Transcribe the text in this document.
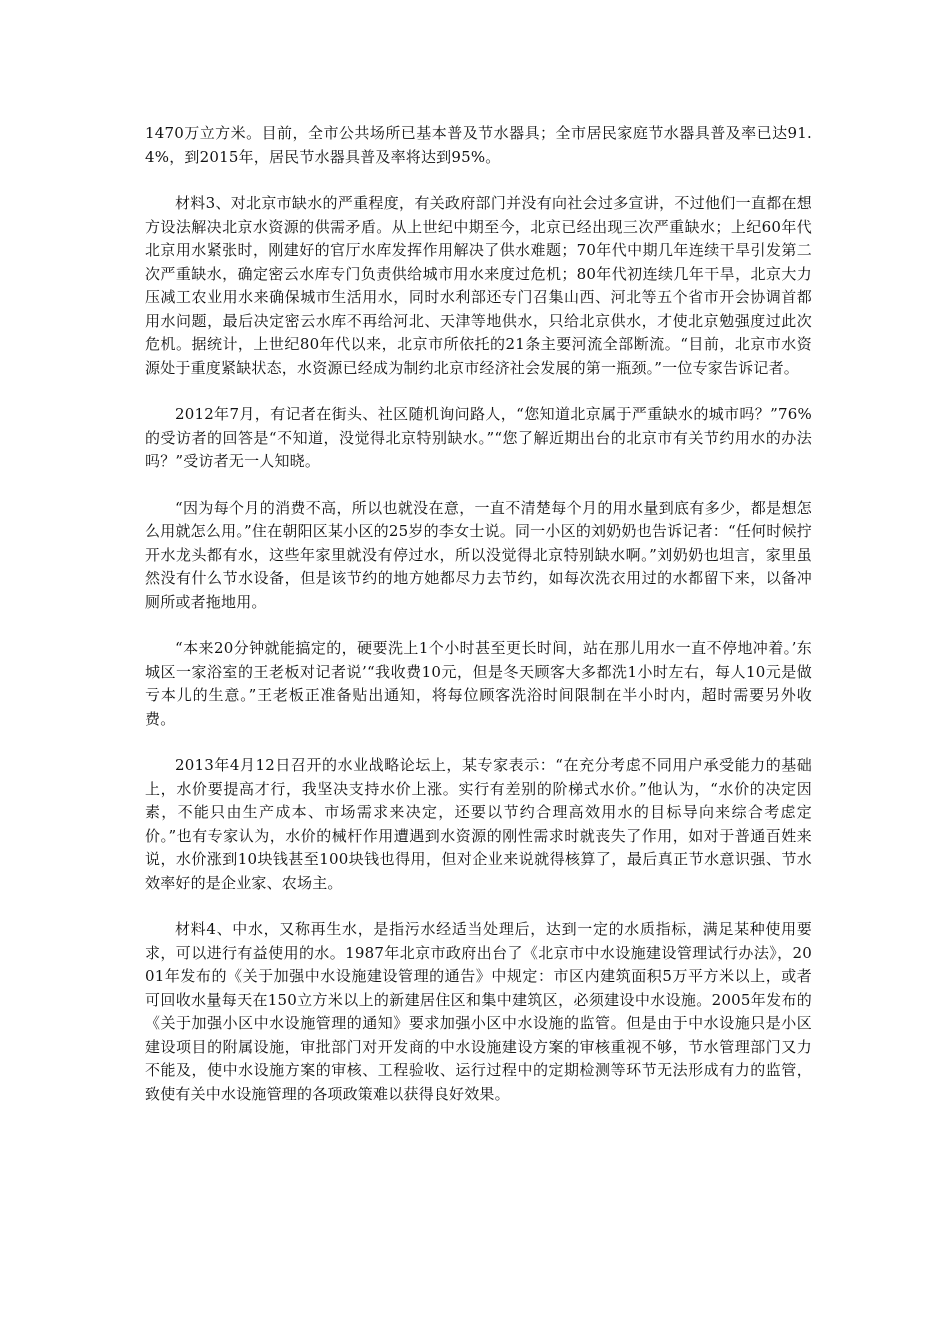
1470万立方米。目前，全市公共场所已基本普及节水器具；全市居民家庭节水器具普及率已达91.4%，到2015年，居民节水器具普及率将达到95%。

材料3、对北京市缺水的严重程度，有关政府部门并没有向社会过多宣讲，不过他们一直都在想方设法解决北京水资源的供需矛盾。从上世纪中期至今，北京已经出现三次严重缺水；上纪60年代北京用水紧张时，刚建好的官厅水库发挥作用解决了供水难题；70年代中期几年连续干旱引发第二次严重缺水，确定密云水库专门负责供给城市用水来度过危机；80年代初连续几年干旱，北京大力压减工农业用水来确保城市生活用水，同时水利部还专门召集山西、河北等五个省市开会协调首都用水问题，最后决定密云水库不再给河北、天津等地供水，只给北京供水，才使北京勉强度过此次危机。据统计，上世纪80年代以来，北京市所依托的21条主要河流全部断流。“目前，北京市水资源处于重度紧缺状态，水资源已经成为制约北京市经济社会发展的第一瓶颈。”一位专家告诉记者。

2012年7月，有记者在街头、社区随机询问路人，“您知道北京属于严重缺水的城市吗？”76%的受访者的回答是“不知道，没觉得北京特别缺水。”“您了解近期出台的北京市有关节约用水的办法吗？”受访者无一人知晓。

“因为每个月的消费不高，所以也就没在意，一直不清楚每个月的用水量到底有多少，都是想怎么用就怎么用。”住在朝阳区某小区的25岁的李女士说。同一小区的刘奶奶也告诉记者：“任何时候拧开水龙头都有水，这些年家里就没有停过水，所以没觉得北京特别缺水啊。”刘奶奶也坦言，家里虽然没有什么节水设备，但是该节约的地方她都尽力去节约，如每次洗衣用过的水都留下来，以备冲厕所或者拖地用。

“本来20分钟就能搞定的，硬要洗上1个小时甚至更长时间，站在那儿用水一直不停地冲着。’东城区一家浴室的王老板对记者说’“我收费10元，但是冬天顾客大多都洗1小时左右，每人10元是做亏本儿的生意。”王老板正准备贴出通知，将每位顾客洗浴时间限制在半小时内，超时需要另外收费。

2013年4月12日召开的水业战略论坛上，某专家表示：“在充分考虑不同用户承受能力的基础上，水价要提高才行，我坚决支持水价上涨。实行有差别的阶梯式水价。”他认为，“水价的决定因素，不能只由生产成本、市场需求来决定，还要以节约合理高效用水的目标导向来综合考虑定价。”也有专家认为，水价的械杆作用遭遇到水资源的刚性需求时就丧失了作用，如对于普通百姓来说，水价涨到10块钱甚至100块钱也得用，但对企业来说就得核算了，最后真正节水意识强、节水效率好的是企业家、农场主。

材料4、中水，又称再生水，是指污水经适当处理后，达到一定的水质指标，满足某种使用要求，可以进行有益使用的水。1987年北京市政府出台了《北京市中水设施建设管理试行办法》，2001年发布的《关于加强中水设施建设管理的通告》中规定：市区内建筑面积5万平方米以上，或者可回收水量每天在150立方米以上的新建居住区和集中建筑区，必须建设中水设施。2005年发布的《关于加强小区中水设施管理的通知》要求加强小区中水设施的监管。但是由于中水设施只是小区建设项目的附属设施，审批部门对开发商的中水设施建设方案的审核重视不够，节水管理部门又力不能及，使中水设施方案的审核、工程验收、运行过程中的定期检测等环节无法形成有力的监管，致使有关中水设施管理的各项政策难以获得良好效果。
